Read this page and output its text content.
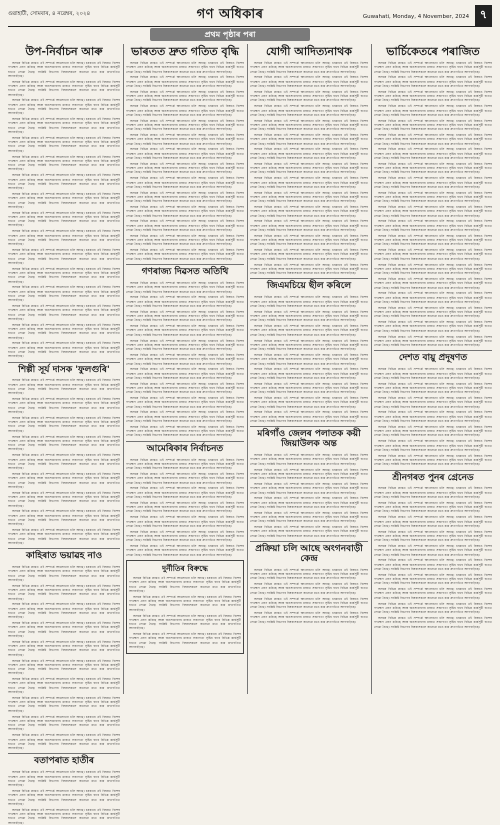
গুৱাহাটী, সোমবাৰ, ৪ নৱেম্বৰ, ২০২৪	গণ অধিকাৰ	Guwahati, Monday, 4 November, 2024 ৭
প্ৰথম পৃষ্ঠাৰ পৰা
উপ-নিৰ্বাচন আৰু

অসমৰ বিভিন্ন প্ৰান্তত এই সম্পৰ্কে আলোচনা চলি আছে। চৰকাৰে এই বিষয়ত বিশেষ পদক্ষেপ গ্ৰহণ কৰিছে আৰু জনসাধাৰণৰ মাজত সজাগতা সৃষ্টিৰ বাবে বিভিন্ন কাৰ্যসূচী হাতত লোৱা হৈছে। সংশ্লিষ্ট বিভাগৰ বিষয়াসকলে জনোৱা মতে কাম দ্ৰুতগতিত আগবাঢ়িছে।

অসমৰ বিভিন্ন প্ৰান্তত এই সম্পৰ্কে আলোচনা চলি আছে। চৰকাৰে এই বিষয়ত বিশেষ পদক্ষেপ গ্ৰহণ কৰিছে আৰু জনসাধাৰণৰ মাজত সজাগতা সৃষ্টিৰ বাবে বিভিন্ন কাৰ্যসূচী হাতত লোৱা হৈছে। সংশ্লিষ্ট বিভাগৰ বিষয়াসকলে জনোৱা মতে কাম দ্ৰুতগতিত আগবাঢ়িছে।

অসমৰ বিভিন্ন প্ৰান্তত এই সম্পৰ্কে আলোচনা চলি আছে। চৰকাৰে এই বিষয়ত বিশেষ পদক্ষেপ গ্ৰহণ কৰিছে আৰু জনসাধাৰণৰ মাজত সজাগতা সৃষ্টিৰ বাবে বিভিন্ন কাৰ্যসূচী হাতত লোৱা হৈছে। সংশ্লিষ্ট বিভাগৰ বিষয়াসকলে জনোৱা মতে কাম দ্ৰুতগতিত আগবাঢ়িছে।

অসমৰ বিভিন্ন প্ৰান্তত এই সম্পৰ্কে আলোচনা চলি আছে। চৰকাৰে এই বিষয়ত বিশেষ পদক্ষেপ গ্ৰহণ কৰিছে আৰু জনসাধাৰণৰ মাজত সজাগতা সৃষ্টিৰ বাবে বিভিন্ন কাৰ্যসূচী হাতত লোৱা হৈছে। সংশ্লিষ্ট বিভাগৰ বিষয়াসকলে জনোৱা মতে কাম দ্ৰুতগতিত আগবাঢ়িছে।

অসমৰ বিভিন্ন প্ৰান্তত এই সম্পৰ্কে আলোচনা চলি আছে। চৰকাৰে এই বিষয়ত বিশেষ পদক্ষেপ গ্ৰহণ কৰিছে আৰু জনসাধাৰণৰ মাজত সজাগতা সৃষ্টিৰ বাবে বিভিন্ন কাৰ্যসূচী হাতত লোৱা হৈছে। সংশ্লিষ্ট বিভাগৰ বিষয়াসকলে জনোৱা মতে কাম দ্ৰুতগতিত আগবাঢ়িছে।

অসমৰ বিভিন্ন প্ৰান্তত এই সম্পৰ্কে আলোচনা চলি আছে। চৰকাৰে এই বিষয়ত বিশেষ পদক্ষেপ গ্ৰহণ কৰিছে আৰু জনসাধাৰণৰ মাজত সজাগতা সৃষ্টিৰ বাবে বিভিন্ন কাৰ্যসূচী হাতত লোৱা হৈছে। সংশ্লিষ্ট বিভাগৰ বিষয়াসকলে জনোৱা মতে কাম দ্ৰুতগতিত আগবাঢ়িছে।

অসমৰ বিভিন্ন প্ৰান্তত এই সম্পৰ্কে আলোচনা চলি আছে। চৰকাৰে এই বিষয়ত বিশেষ পদক্ষেপ গ্ৰহণ কৰিছে আৰু জনসাধাৰণৰ মাজত সজাগতা সৃষ্টিৰ বাবে বিভিন্ন কাৰ্যসূচী হাতত লোৱা হৈছে। সংশ্লিষ্ট বিভাগৰ বিষয়াসকলে জনোৱা মতে কাম দ্ৰুতগতিত আগবাঢ়িছে।

অসমৰ বিভিন্ন প্ৰান্তত এই সম্পৰ্কে আলোচনা চলি আছে। চৰকাৰে এই বিষয়ত বিশেষ পদক্ষেপ গ্ৰহণ কৰিছে আৰু জনসাধাৰণৰ মাজত সজাগতা সৃষ্টিৰ বাবে বিভিন্ন কাৰ্যসূচী হাতত লোৱা হৈছে। সংশ্লিষ্ট বিভাগৰ বিষয়াসকলে জনোৱা মতে কাম দ্ৰুতগতিত আগবাঢ়িছে।

অসমৰ বিভিন্ন প্ৰান্তত এই সম্পৰ্কে আলোচনা চলি আছে। চৰকাৰে এই বিষয়ত বিশেষ পদক্ষেপ গ্ৰহণ কৰিছে আৰু জনসাধাৰণৰ মাজত সজাগতা সৃষ্টিৰ বাবে বিভিন্ন কাৰ্যসূচী হাতত লোৱা হৈছে। সংশ্লিষ্ট বিভাগৰ বিষয়াসকলে জনোৱা মতে কাম দ্ৰুতগতিত আগবাঢ়িছে।

অসমৰ বিভিন্ন প্ৰান্তত এই সম্পৰ্কে আলোচনা চলি আছে। চৰকাৰে এই বিষয়ত বিশেষ পদক্ষেপ গ্ৰহণ কৰিছে আৰু জনসাধাৰণৰ মাজত সজাগতা সৃষ্টিৰ বাবে বিভিন্ন কাৰ্যসূচী হাতত লোৱা হৈছে। সংশ্লিষ্ট বিভাগৰ বিষয়াসকলে জনোৱা মতে কাম দ্ৰুতগতিত আগবাঢ়িছে।

অসমৰ বিভিন্ন প্ৰান্তত এই সম্পৰ্কে আলোচনা চলি আছে। চৰকাৰে এই বিষয়ত বিশেষ পদক্ষেপ গ্ৰহণ কৰিছে আৰু জনসাধাৰণৰ মাজত সজাগতা সৃষ্টিৰ বাবে বিভিন্ন কাৰ্যসূচী হাতত লোৱা হৈছে। সংশ্লিষ্ট বিভাগৰ বিষয়াসকলে জনোৱা মতে কাম দ্ৰুতগতিত আগবাঢ়িছে।

অসমৰ বিভিন্ন প্ৰান্তত এই সম্পৰ্কে আলোচনা চলি আছে। চৰকাৰে এই বিষয়ত বিশেষ পদক্ষেপ গ্ৰহণ কৰিছে আৰু জনসাধাৰণৰ মাজত সজাগতা সৃষ্টিৰ বাবে বিভিন্ন কাৰ্যসূচী হাতত লোৱা হৈছে। সংশ্লিষ্ট বিভাগৰ বিষয়াসকলে জনোৱা মতে কাম দ্ৰুতগতিত আগবাঢ়িছে।

অসমৰ বিভিন্ন প্ৰান্তত এই সম্পৰ্কে আলোচনা চলি আছে। চৰকাৰে এই বিষয়ত বিশেষ পদক্ষেপ গ্ৰহণ কৰিছে আৰু জনসাধাৰণৰ মাজত সজাগতা সৃষ্টিৰ বাবে বিভিন্ন কাৰ্যসূচী হাতত লোৱা হৈছে। সংশ্লিষ্ট বিভাগৰ বিষয়াসকলে জনোৱা মতে কাম দ্ৰুতগতিত আগবাঢ়িছে।

অসমৰ বিভিন্ন প্ৰান্তত এই সম্পৰ্কে আলোচনা চলি আছে। চৰকাৰে এই বিষয়ত বিশেষ পদক্ষেপ গ্ৰহণ কৰিছে আৰু জনসাধাৰণৰ মাজত সজাগতা সৃষ্টিৰ বাবে বিভিন্ন কাৰ্যসূচী হাতত লোৱা হৈছে। সংশ্লিষ্ট বিভাগৰ বিষয়াসকলে জনোৱা মতে কাম দ্ৰুতগতিত আগবাঢ়িছে।

অসমৰ বিভিন্ন প্ৰান্তত এই সম্পৰ্কে আলোচনা চলি আছে। চৰকাৰে এই বিষয়ত বিশেষ পদক্ষেপ গ্ৰহণ কৰিছে আৰু জনসাধাৰণৰ মাজত সজাগতা সৃষ্টিৰ বাবে বিভিন্ন কাৰ্যসূচী হাতত লোৱা হৈছে। সংশ্লিষ্ট বিভাগৰ বিষয়াসকলে জনোৱা মতে কাম দ্ৰুতগতিত আগবাঢ়িছে।

অসমৰ বিভিন্ন প্ৰান্তত এই সম্পৰ্কে আলোচনা চলি আছে। চৰকাৰে এই বিষয়ত বিশেষ পদক্ষেপ গ্ৰহণ কৰিছে আৰু জনসাধাৰণৰ মাজত সজাগতা সৃষ্টিৰ বাবে বিভিন্ন কাৰ্যসূচী হাতত লোৱা হৈছে। সংশ্লিষ্ট বিভাগৰ বিষয়াসকলে জনোৱা মতে কাম দ্ৰুতগতিত আগবাঢ়িছে।

শিল্পী সূৰ্য দাসক 'ফুলগুৰি'

অসমৰ বিভিন্ন প্ৰান্তত এই সম্পৰ্কে আলোচনা চলি আছে। চৰকাৰে এই বিষয়ত বিশেষ পদক্ষেপ গ্ৰহণ কৰিছে আৰু জনসাধাৰণৰ মাজত সজাগতা সৃষ্টিৰ বাবে বিভিন্ন কাৰ্যসূচী হাতত লোৱা হৈছে। সংশ্লিষ্ট বিভাগৰ বিষয়াসকলে জনোৱা মতে কাম দ্ৰুতগতিত আগবাঢ়িছে।

অসমৰ বিভিন্ন প্ৰান্তত এই সম্পৰ্কে আলোচনা চলি আছে। চৰকাৰে এই বিষয়ত বিশেষ পদক্ষেপ গ্ৰহণ কৰিছে আৰু জনসাধাৰণৰ মাজত সজাগতা সৃষ্টিৰ বাবে বিভিন্ন কাৰ্যসূচী হাতত লোৱা হৈছে। সংশ্লিষ্ট বিভাগৰ বিষয়াসকলে জনোৱা মতে কাম দ্ৰুতগতিত আগবাঢ়িছে।

অসমৰ বিভিন্ন প্ৰান্তত এই সম্পৰ্কে আলোচনা চলি আছে। চৰকাৰে এই বিষয়ত বিশেষ পদক্ষেপ গ্ৰহণ কৰিছে আৰু জনসাধাৰণৰ মাজত সজাগতা সৃষ্টিৰ বাবে বিভিন্ন কাৰ্যসূচী হাতত লোৱা হৈছে। সংশ্লিষ্ট বিভাগৰ বিষয়াসকলে জনোৱা মতে কাম দ্ৰুতগতিত আগবাঢ়িছে।

অসমৰ বিভিন্ন প্ৰান্তত এই সম্পৰ্কে আলোচনা চলি আছে। চৰকাৰে এই বিষয়ত বিশেষ পদক্ষেপ গ্ৰহণ কৰিছে আৰু জনসাধাৰণৰ মাজত সজাগতা সৃষ্টিৰ বাবে বিভিন্ন কাৰ্যসূচী হাতত লোৱা হৈছে। সংশ্লিষ্ট বিভাগৰ বিষয়াসকলে জনোৱা মতে কাম দ্ৰুতগতিত আগবাঢ়িছে।

অসমৰ বিভিন্ন প্ৰান্তত এই সম্পৰ্কে আলোচনা চলি আছে। চৰকাৰে এই বিষয়ত বিশেষ পদক্ষেপ গ্ৰহণ কৰিছে আৰু জনসাধাৰণৰ মাজত সজাগতা সৃষ্টিৰ বাবে বিভিন্ন কাৰ্যসূচী হাতত লোৱা হৈছে। সংশ্লিষ্ট বিভাগৰ বিষয়াসকলে জনোৱা মতে কাম দ্ৰুতগতিত আগবাঢ়িছে।

অসমৰ বিভিন্ন প্ৰান্তত এই সম্পৰ্কে আলোচনা চলি আছে। চৰকাৰে এই বিষয়ত বিশেষ পদক্ষেপ গ্ৰহণ কৰিছে আৰু জনসাধাৰণৰ মাজত সজাগতা সৃষ্টিৰ বাবে বিভিন্ন কাৰ্যসূচী হাতত লোৱা হৈছে। সংশ্লিষ্ট বিভাগৰ বিষয়াসকলে জনোৱা মতে কাম দ্ৰুতগতিত আগবাঢ়িছে।

অসমৰ বিভিন্ন প্ৰান্তত এই সম্পৰ্কে আলোচনা চলি আছে। চৰকাৰে এই বিষয়ত বিশেষ পদক্ষেপ গ্ৰহণ কৰিছে আৰু জনসাধাৰণৰ মাজত সজাগতা সৃষ্টিৰ বাবে বিভিন্ন কাৰ্যসূচী হাতত লোৱা হৈছে। সংশ্লিষ্ট বিভাগৰ বিষয়াসকলে জনোৱা মতে কাম দ্ৰুতগতিত আগবাঢ়িছে।

অসমৰ বিভিন্ন প্ৰান্তত এই সম্পৰ্কে আলোচনা চলি আছে। চৰকাৰে এই বিষয়ত বিশেষ পদক্ষেপ গ্ৰহণ কৰিছে আৰু জনসাধাৰণৰ মাজত সজাগতা সৃষ্টিৰ বাবে বিভিন্ন কাৰ্যসূচী হাতত লোৱা হৈছে। সংশ্লিষ্ট বিভাগৰ বিষয়াসকলে জনোৱা মতে কাম দ্ৰুতগতিত আগবাঢ়িছে।

অসমৰ বিভিন্ন প্ৰান্তত এই সম্পৰ্কে আলোচনা চলি আছে। চৰকাৰে এই বিষয়ত বিশেষ পদক্ষেপ গ্ৰহণ কৰিছে আৰু জনসাধাৰণৰ মাজত সজাগতা সৃষ্টিৰ বাবে বিভিন্ন কাৰ্যসূচী হাতত লোৱা হৈছে। সংশ্লিষ্ট বিভাগৰ বিষয়াসকলে জনোৱা মতে কাম দ্ৰুতগতিত আগবাঢ়িছে।

কাহিৰাত ভয়াৱহ নাও

অসমৰ বিভিন্ন প্ৰান্তত এই সম্পৰ্কে আলোচনা চলি আছে। চৰকাৰে এই বিষয়ত বিশেষ পদক্ষেপ গ্ৰহণ কৰিছে আৰু জনসাধাৰণৰ মাজত সজাগতা সৃষ্টিৰ বাবে বিভিন্ন কাৰ্যসূচী হাতত লোৱা হৈছে। সংশ্লিষ্ট বিভাগৰ বিষয়াসকলে জনোৱা মতে কাম দ্ৰুতগতিত আগবাঢ়িছে।

অসমৰ বিভিন্ন প্ৰান্তত এই সম্পৰ্কে আলোচনা চলি আছে। চৰকাৰে এই বিষয়ত বিশেষ পদক্ষেপ গ্ৰহণ কৰিছে আৰু জনসাধাৰণৰ মাজত সজাগতা সৃষ্টিৰ বাবে বিভিন্ন কাৰ্যসূচী হাতত লোৱা হৈছে। সংশ্লিষ্ট বিভাগৰ বিষয়াসকলে জনোৱা মতে কাম দ্ৰুতগতিত আগবাঢ়িছে।

অসমৰ বিভিন্ন প্ৰান্তত এই সম্পৰ্কে আলোচনা চলি আছে। চৰকাৰে এই বিষয়ত বিশেষ পদক্ষেপ গ্ৰহণ কৰিছে আৰু জনসাধাৰণৰ মাজত সজাগতা সৃষ্টিৰ বাবে বিভিন্ন কাৰ্যসূচী হাতত লোৱা হৈছে। সংশ্লিষ্ট বিভাগৰ বিষয়াসকলে জনোৱা মতে কাম দ্ৰুতগতিত আগবাঢ়িছে।

অসমৰ বিভিন্ন প্ৰান্তত এই সম্পৰ্কে আলোচনা চলি আছে। চৰকাৰে এই বিষয়ত বিশেষ পদক্ষেপ গ্ৰহণ কৰিছে আৰু জনসাধাৰণৰ মাজত সজাগতা সৃষ্টিৰ বাবে বিভিন্ন কাৰ্যসূচী হাতত লোৱা হৈছে। সংশ্লিষ্ট বিভাগৰ বিষয়াসকলে জনোৱা মতে কাম দ্ৰুতগতিত আগবাঢ়িছে।

অসমৰ বিভিন্ন প্ৰান্তত এই সম্পৰ্কে আলোচনা চলি আছে। চৰকাৰে এই বিষয়ত বিশেষ পদক্ষেপ গ্ৰহণ কৰিছে আৰু জনসাধাৰণৰ মাজত সজাগতা সৃষ্টিৰ বাবে বিভিন্ন কাৰ্যসূচী হাতত লোৱা হৈছে। সংশ্লিষ্ট বিভাগৰ বিষয়াসকলে জনোৱা মতে কাম দ্ৰুতগতিত আগবাঢ়িছে।

অসমৰ বিভিন্ন প্ৰান্তত এই সম্পৰ্কে আলোচনা চলি আছে। চৰকাৰে এই বিষয়ত বিশেষ পদক্ষেপ গ্ৰহণ কৰিছে আৰু জনসাধাৰণৰ মাজত সজাগতা সৃষ্টিৰ বাবে বিভিন্ন কাৰ্যসূচী হাতত লোৱা হৈছে। সংশ্লিষ্ট বিভাগৰ বিষয়াসকলে জনোৱা মতে কাম দ্ৰুতগতিত আগবাঢ়িছে।

অসমৰ বিভিন্ন প্ৰান্তত এই সম্পৰ্কে আলোচনা চলি আছে। চৰকাৰে এই বিষয়ত বিশেষ পদক্ষেপ গ্ৰহণ কৰিছে আৰু জনসাধাৰণৰ মাজত সজাগতা সৃষ্টিৰ বাবে বিভিন্ন কাৰ্যসূচী হাতত লোৱা হৈছে। সংশ্লিষ্ট বিভাগৰ বিষয়াসকলে জনোৱা মতে কাম দ্ৰুতগতিত আগবাঢ়িছে।

অসমৰ বিভিন্ন প্ৰান্তত এই সম্পৰ্কে আলোচনা চলি আছে। চৰকাৰে এই বিষয়ত বিশেষ পদক্ষেপ গ্ৰহণ কৰিছে আৰু জনসাধাৰণৰ মাজত সজাগতা সৃষ্টিৰ বাবে বিভিন্ন কাৰ্যসূচী হাতত লোৱা হৈছে। সংশ্লিষ্ট বিভাগৰ বিষয়াসকলে জনোৱা মতে কাম দ্ৰুতগতিত আগবাঢ়িছে।

অসমৰ বিভিন্ন প্ৰান্তত এই সম্পৰ্কে আলোচনা চলি আছে। চৰকাৰে এই বিষয়ত বিশেষ পদক্ষেপ গ্ৰহণ কৰিছে আৰু জনসাধাৰণৰ মাজত সজাগতা সৃষ্টিৰ বাবে বিভিন্ন কাৰ্যসূচী হাতত লোৱা হৈছে। সংশ্লিষ্ট বিভাগৰ বিষয়াসকলে জনোৱা মতে কাম দ্ৰুতগতিত আগবাঢ়িছে।

অসমৰ বিভিন্ন প্ৰান্তত এই সম্পৰ্কে আলোচনা চলি আছে। চৰকাৰে এই বিষয়ত বিশেষ পদক্ষেপ গ্ৰহণ কৰিছে আৰু জনসাধাৰণৰ মাজত সজাগতা সৃষ্টিৰ বাবে বিভিন্ন কাৰ্যসূচী হাতত লোৱা হৈছে। সংশ্লিষ্ট বিভাগৰ বিষয়াসকলে জনোৱা মতে কাম দ্ৰুতগতিত আগবাঢ়িছে।

বতাপৰাত হাতীৰ

অসমৰ বিভিন্ন প্ৰান্তত এই সম্পৰ্কে আলোচনা চলি আছে। চৰকাৰে এই বিষয়ত বিশেষ পদক্ষেপ গ্ৰহণ কৰিছে আৰু জনসাধাৰণৰ মাজত সজাগতা সৃষ্টিৰ বাবে বিভিন্ন কাৰ্যসূচী হাতত লোৱা হৈছে। সংশ্লিষ্ট বিভাগৰ বিষয়াসকলে জনোৱা মতে কাম দ্ৰুতগতিত আগবাঢ়িছে।

অসমৰ বিভিন্ন প্ৰান্তত এই সম্পৰ্কে আলোচনা চলি আছে। চৰকাৰে এই বিষয়ত বিশেষ পদক্ষেপ গ্ৰহণ কৰিছে আৰু জনসাধাৰণৰ মাজত সজাগতা সৃষ্টিৰ বাবে বিভিন্ন কাৰ্যসূচী হাতত লোৱা হৈছে। সংশ্লিষ্ট বিভাগৰ বিষয়াসকলে জনোৱা মতে কাম দ্ৰুতগতিত আগবাঢ়িছে।

অসমৰ বিভিন্ন প্ৰান্তত এই সম্পৰ্কে আলোচনা চলি আছে। চৰকাৰে এই বিষয়ত বিশেষ পদক্ষেপ গ্ৰহণ কৰিছে আৰু জনসাধাৰণৰ মাজত সজাগতা সৃষ্টিৰ বাবে বিভিন্ন কাৰ্যসূচী হাতত লোৱা হৈছে। সংশ্লিষ্ট বিভাগৰ বিষয়াসকলে জনোৱা মতে কাম দ্ৰুতগতিত আগবাঢ়িছে।

ভাৰতত দ্ৰুত গতিত বৃদ্ধি

অসমৰ বিভিন্ন প্ৰান্তত এই সম্পৰ্কে আলোচনা চলি আছে। চৰকাৰে এই বিষয়ত বিশেষ পদক্ষেপ গ্ৰহণ কৰিছে আৰু জনসাধাৰণৰ মাজত সজাগতা সৃষ্টিৰ বাবে বিভিন্ন কাৰ্যসূচী হাতত লোৱা হৈছে। সংশ্লিষ্ট বিভাগৰ বিষয়াসকলে জনোৱা মতে কাম দ্ৰুতগতিত আগবাঢ়িছে।

অসমৰ বিভিন্ন প্ৰান্তত এই সম্পৰ্কে আলোচনা চলি আছে। চৰকাৰে এই বিষয়ত বিশেষ পদক্ষেপ গ্ৰহণ কৰিছে আৰু জনসাধাৰণৰ মাজত সজাগতা সৃষ্টিৰ বাবে বিভিন্ন কাৰ্যসূচী হাতত লোৱা হৈছে। সংশ্লিষ্ট বিভাগৰ বিষয়াসকলে জনোৱা মতে কাম দ্ৰুতগতিত আগবাঢ়িছে।

অসমৰ বিভিন্ন প্ৰান্তত এই সম্পৰ্কে আলোচনা চলি আছে। চৰকাৰে এই বিষয়ত বিশেষ পদক্ষেপ গ্ৰহণ কৰিছে আৰু জনসাধাৰণৰ মাজত সজাগতা সৃষ্টিৰ বাবে বিভিন্ন কাৰ্যসূচী হাতত লোৱা হৈছে। সংশ্লিষ্ট বিভাগৰ বিষয়াসকলে জনোৱা মতে কাম দ্ৰুতগতিত আগবাঢ়িছে।

অসমৰ বিভিন্ন প্ৰান্তত এই সম্পৰ্কে আলোচনা চলি আছে। চৰকাৰে এই বিষয়ত বিশেষ পদক্ষেপ গ্ৰহণ কৰিছে আৰু জনসাধাৰণৰ মাজত সজাগতা সৃষ্টিৰ বাবে বিভিন্ন কাৰ্যসূচী হাতত লোৱা হৈছে। সংশ্লিষ্ট বিভাগৰ বিষয়াসকলে জনোৱা মতে কাম দ্ৰুতগতিত আগবাঢ়িছে।

অসমৰ বিভিন্ন প্ৰান্তত এই সম্পৰ্কে আলোচনা চলি আছে। চৰকাৰে এই বিষয়ত বিশেষ পদক্ষেপ গ্ৰহণ কৰিছে আৰু জনসাধাৰণৰ মাজত সজাগতা সৃষ্টিৰ বাবে বিভিন্ন কাৰ্যসূচী হাতত লোৱা হৈছে। সংশ্লিষ্ট বিভাগৰ বিষয়াসকলে জনোৱা মতে কাম দ্ৰুতগতিত আগবাঢ়িছে।

অসমৰ বিভিন্ন প্ৰান্তত এই সম্পৰ্কে আলোচনা চলি আছে। চৰকাৰে এই বিষয়ত বিশেষ পদক্ষেপ গ্ৰহণ কৰিছে আৰু জনসাধাৰণৰ মাজত সজাগতা সৃষ্টিৰ বাবে বিভিন্ন কাৰ্যসূচী হাতত লোৱা হৈছে। সংশ্লিষ্ট বিভাগৰ বিষয়াসকলে জনোৱা মতে কাম দ্ৰুতগতিত আগবাঢ়িছে।

অসমৰ বিভিন্ন প্ৰান্তত এই সম্পৰ্কে আলোচনা চলি আছে। চৰকাৰে এই বিষয়ত বিশেষ পদক্ষেপ গ্ৰহণ কৰিছে আৰু জনসাধাৰণৰ মাজত সজাগতা সৃষ্টিৰ বাবে বিভিন্ন কাৰ্যসূচী হাতত লোৱা হৈছে। সংশ্লিষ্ট বিভাগৰ বিষয়াসকলে জনোৱা মতে কাম দ্ৰুতগতিত আগবাঢ়িছে।

অসমৰ বিভিন্ন প্ৰান্তত এই সম্পৰ্কে আলোচনা চলি আছে। চৰকাৰে এই বিষয়ত বিশেষ পদক্ষেপ গ্ৰহণ কৰিছে আৰু জনসাধাৰণৰ মাজত সজাগতা সৃষ্টিৰ বাবে বিভিন্ন কাৰ্যসূচী হাতত লোৱা হৈছে। সংশ্লিষ্ট বিভাগৰ বিষয়াসকলে জনোৱা মতে কাম দ্ৰুতগতিত আগবাঢ়িছে।

অসমৰ বিভিন্ন প্ৰান্তত এই সম্পৰ্কে আলোচনা চলি আছে। চৰকাৰে এই বিষয়ত বিশেষ পদক্ষেপ গ্ৰহণ কৰিছে আৰু জনসাধাৰণৰ মাজত সজাগতা সৃষ্টিৰ বাবে বিভিন্ন কাৰ্যসূচী হাতত লোৱা হৈছে। সংশ্লিষ্ট বিভাগৰ বিষয়াসকলে জনোৱা মতে কাম দ্ৰুতগতিত আগবাঢ়িছে।

অসমৰ বিভিন্ন প্ৰান্তত এই সম্পৰ্কে আলোচনা চলি আছে। চৰকাৰে এই বিষয়ত বিশেষ পদক্ষেপ গ্ৰহণ কৰিছে আৰু জনসাধাৰণৰ মাজত সজাগতা সৃষ্টিৰ বাবে বিভিন্ন কাৰ্যসূচী হাতত লোৱা হৈছে। সংশ্লিষ্ট বিভাগৰ বিষয়াসকলে জনোৱা মতে কাম দ্ৰুতগতিত আগবাঢ়িছে।

অসমৰ বিভিন্ন প্ৰান্তত এই সম্পৰ্কে আলোচনা চলি আছে। চৰকাৰে এই বিষয়ত বিশেষ পদক্ষেপ গ্ৰহণ কৰিছে আৰু জনসাধাৰণৰ মাজত সজাগতা সৃষ্টিৰ বাবে বিভিন্ন কাৰ্যসূচী হাতত লোৱা হৈছে। সংশ্লিষ্ট বিভাগৰ বিষয়াসকলে জনোৱা মতে কাম দ্ৰুতগতিত আগবাঢ়িছে।

অসমৰ বিভিন্ন প্ৰান্তত এই সম্পৰ্কে আলোচনা চলি আছে। চৰকাৰে এই বিষয়ত বিশেষ পদক্ষেপ গ্ৰহণ কৰিছে আৰু জনসাধাৰণৰ মাজত সজাগতা সৃষ্টিৰ বাবে বিভিন্ন কাৰ্যসূচী হাতত লোৱা হৈছে। সংশ্লিষ্ট বিভাগৰ বিষয়াসকলে জনোৱা মতে কাম দ্ৰুতগতিত আগবাঢ়িছে।

অসমৰ বিভিন্ন প্ৰান্তত এই সম্পৰ্কে আলোচনা চলি আছে। চৰকাৰে এই বিষয়ত বিশেষ পদক্ষেপ গ্ৰহণ কৰিছে আৰু জনসাধাৰণৰ মাজত সজাগতা সৃষ্টিৰ বাবে বিভিন্ন কাৰ্যসূচী হাতত লোৱা হৈছে। সংশ্লিষ্ট বিভাগৰ বিষয়াসকলে জনোৱা মতে কাম দ্ৰুতগতিত আগবাঢ়িছে।

অসমৰ বিভিন্ন প্ৰান্তত এই সম্পৰ্কে আলোচনা চলি আছে। চৰকাৰে এই বিষয়ত বিশেষ পদক্ষেপ গ্ৰহণ কৰিছে আৰু জনসাধাৰণৰ মাজত সজাগতা সৃষ্টিৰ বাবে বিভিন্ন কাৰ্যসূচী হাতত লোৱা হৈছে। সংশ্লিষ্ট বিভাগৰ বিষয়াসকলে জনোৱা মতে কাম দ্ৰুতগতিত আগবাঢ়িছে।

গণৰাজ্য দিৱসত অতিথি

অসমৰ বিভিন্ন প্ৰান্তত এই সম্পৰ্কে আলোচনা চলি আছে। চৰকাৰে এই বিষয়ত বিশেষ পদক্ষেপ গ্ৰহণ কৰিছে আৰু জনসাধাৰণৰ মাজত সজাগতা সৃষ্টিৰ বাবে বিভিন্ন কাৰ্যসূচী হাতত লোৱা হৈছে। সংশ্লিষ্ট বিভাগৰ বিষয়াসকলে জনোৱা মতে কাম দ্ৰুতগতিত আগবাঢ়িছে।

অসমৰ বিভিন্ন প্ৰান্তত এই সম্পৰ্কে আলোচনা চলি আছে। চৰকাৰে এই বিষয়ত বিশেষ পদক্ষেপ গ্ৰহণ কৰিছে আৰু জনসাধাৰণৰ মাজত সজাগতা সৃষ্টিৰ বাবে বিভিন্ন কাৰ্যসূচী হাতত লোৱা হৈছে। সংশ্লিষ্ট বিভাগৰ বিষয়াসকলে জনোৱা মতে কাম দ্ৰুতগতিত আগবাঢ়িছে।

অসমৰ বিভিন্ন প্ৰান্তত এই সম্পৰ্কে আলোচনা চলি আছে। চৰকাৰে এই বিষয়ত বিশেষ পদক্ষেপ গ্ৰহণ কৰিছে আৰু জনসাধাৰণৰ মাজত সজাগতা সৃষ্টিৰ বাবে বিভিন্ন কাৰ্যসূচী হাতত লোৱা হৈছে। সংশ্লিষ্ট বিভাগৰ বিষয়াসকলে জনোৱা মতে কাম দ্ৰুতগতিত আগবাঢ়িছে।

অসমৰ বিভিন্ন প্ৰান্তত এই সম্পৰ্কে আলোচনা চলি আছে। চৰকাৰে এই বিষয়ত বিশেষ পদক্ষেপ গ্ৰহণ কৰিছে আৰু জনসাধাৰণৰ মাজত সজাগতা সৃষ্টিৰ বাবে বিভিন্ন কাৰ্যসূচী হাতত লোৱা হৈছে। সংশ্লিষ্ট বিভাগৰ বিষয়াসকলে জনোৱা মতে কাম দ্ৰুতগতিত আগবাঢ়িছে।

অসমৰ বিভিন্ন প্ৰান্তত এই সম্পৰ্কে আলোচনা চলি আছে। চৰকাৰে এই বিষয়ত বিশেষ পদক্ষেপ গ্ৰহণ কৰিছে আৰু জনসাধাৰণৰ মাজত সজাগতা সৃষ্টিৰ বাবে বিভিন্ন কাৰ্যসূচী হাতত লোৱা হৈছে। সংশ্লিষ্ট বিভাগৰ বিষয়াসকলে জনোৱা মতে কাম দ্ৰুতগতিত আগবাঢ়িছে।

অসমৰ বিভিন্ন প্ৰান্তত এই সম্পৰ্কে আলোচনা চলি আছে। চৰকাৰে এই বিষয়ত বিশেষ পদক্ষেপ গ্ৰহণ কৰিছে আৰু জনসাধাৰণৰ মাজত সজাগতা সৃষ্টিৰ বাবে বিভিন্ন কাৰ্যসূচী হাতত লোৱা হৈছে। সংশ্লিষ্ট বিভাগৰ বিষয়াসকলে জনোৱা মতে কাম দ্ৰুতগতিত আগবাঢ়িছে।

অসমৰ বিভিন্ন প্ৰান্তত এই সম্পৰ্কে আলোচনা চলি আছে। চৰকাৰে এই বিষয়ত বিশেষ পদক্ষেপ গ্ৰহণ কৰিছে আৰু জনসাধাৰণৰ মাজত সজাগতা সৃষ্টিৰ বাবে বিভিন্ন কাৰ্যসূচী হাতত লোৱা হৈছে। সংশ্লিষ্ট বিভাগৰ বিষয়াসকলে জনোৱা মতে কাম দ্ৰুতগতিত আগবাঢ়িছে।

অসমৰ বিভিন্ন প্ৰান্তত এই সম্পৰ্কে আলোচনা চলি আছে। চৰকাৰে এই বিষয়ত বিশেষ পদক্ষেপ গ্ৰহণ কৰিছে আৰু জনসাধাৰণৰ মাজত সজাগতা সৃষ্টিৰ বাবে বিভিন্ন কাৰ্যসূচী হাতত লোৱা হৈছে। সংশ্লিষ্ট বিভাগৰ বিষয়াসকলে জনোৱা মতে কাম দ্ৰুতগতিত আগবাঢ়িছে।

অসমৰ বিভিন্ন প্ৰান্তত এই সম্পৰ্কে আলোচনা চলি আছে। চৰকাৰে এই বিষয়ত বিশেষ পদক্ষেপ গ্ৰহণ কৰিছে আৰু জনসাধাৰণৰ মাজত সজাগতা সৃষ্টিৰ বাবে বিভিন্ন কাৰ্যসূচী হাতত লোৱা হৈছে। সংশ্লিষ্ট বিভাগৰ বিষয়াসকলে জনোৱা মতে কাম দ্ৰুতগতিত আগবাঢ়িছে।

অসমৰ বিভিন্ন প্ৰান্তত এই সম্পৰ্কে আলোচনা চলি আছে। চৰকাৰে এই বিষয়ত বিশেষ পদক্ষেপ গ্ৰহণ কৰিছে আৰু জনসাধাৰণৰ মাজত সজাগতা সৃষ্টিৰ বাবে বিভিন্ন কাৰ্যসূচী হাতত লোৱা হৈছে। সংশ্লিষ্ট বিভাগৰ বিষয়াসকলে জনোৱা মতে কাম দ্ৰুতগতিত আগবাঢ়িছে।

অসমৰ বিভিন্ন প্ৰান্তত এই সম্পৰ্কে আলোচনা চলি আছে। চৰকাৰে এই বিষয়ত বিশেষ পদক্ষেপ গ্ৰহণ কৰিছে আৰু জনসাধাৰণৰ মাজত সজাগতা সৃষ্টিৰ বাবে বিভিন্ন কাৰ্যসূচী হাতত লোৱা হৈছে। সংশ্লিষ্ট বিভাগৰ বিষয়াসকলে জনোৱা মতে কাম দ্ৰুতগতিত আগবাঢ়িছে।

আমেৰিকাৰ নিৰ্বাচনত

অসমৰ বিভিন্ন প্ৰান্তত এই সম্পৰ্কে আলোচনা চলি আছে। চৰকাৰে এই বিষয়ত বিশেষ পদক্ষেপ গ্ৰহণ কৰিছে আৰু জনসাধাৰণৰ মাজত সজাগতা সৃষ্টিৰ বাবে বিভিন্ন কাৰ্যসূচী হাতত লোৱা হৈছে। সংশ্লিষ্ট বিভাগৰ বিষয়াসকলে জনোৱা মতে কাম দ্ৰুতগতিত আগবাঢ়িছে।

অসমৰ বিভিন্ন প্ৰান্তত এই সম্পৰ্কে আলোচনা চলি আছে। চৰকাৰে এই বিষয়ত বিশেষ পদক্ষেপ গ্ৰহণ কৰিছে আৰু জনসাধাৰণৰ মাজত সজাগতা সৃষ্টিৰ বাবে বিভিন্ন কাৰ্যসূচী হাতত লোৱা হৈছে। সংশ্লিষ্ট বিভাগৰ বিষয়াসকলে জনোৱা মতে কাম দ্ৰুতগতিত আগবাঢ়িছে।

অসমৰ বিভিন্ন প্ৰান্তত এই সম্পৰ্কে আলোচনা চলি আছে। চৰকাৰে এই বিষয়ত বিশেষ পদক্ষেপ গ্ৰহণ কৰিছে আৰু জনসাধাৰণৰ মাজত সজাগতা সৃষ্টিৰ বাবে বিভিন্ন কাৰ্যসূচী হাতত লোৱা হৈছে। সংশ্লিষ্ট বিভাগৰ বিষয়াসকলে জনোৱা মতে কাম দ্ৰুতগতিত আগবাঢ়িছে।

অসমৰ বিভিন্ন প্ৰান্তত এই সম্পৰ্কে আলোচনা চলি আছে। চৰকাৰে এই বিষয়ত বিশেষ পদক্ষেপ গ্ৰহণ কৰিছে আৰু জনসাধাৰণৰ মাজত সজাগতা সৃষ্টিৰ বাবে বিভিন্ন কাৰ্যসূচী হাতত লোৱা হৈছে। সংশ্লিষ্ট বিভাগৰ বিষয়াসকলে জনোৱা মতে কাম দ্ৰুতগতিত আগবাঢ়িছে।

অসমৰ বিভিন্ন প্ৰান্তত এই সম্পৰ্কে আলোচনা চলি আছে। চৰকাৰে এই বিষয়ত বিশেষ পদক্ষেপ গ্ৰহণ কৰিছে আৰু জনসাধাৰণৰ মাজত সজাগতা সৃষ্টিৰ বাবে বিভিন্ন কাৰ্যসূচী হাতত লোৱা হৈছে। সংশ্লিষ্ট বিভাগৰ বিষয়াসকলে জনোৱা মতে কাম দ্ৰুতগতিত আগবাঢ়িছে।

অসমৰ বিভিন্ন প্ৰান্তত এই সম্পৰ্কে আলোচনা চলি আছে। চৰকাৰে এই বিষয়ত বিশেষ পদক্ষেপ গ্ৰহণ কৰিছে আৰু জনসাধাৰণৰ মাজত সজাগতা সৃষ্টিৰ বাবে বিভিন্ন কাৰ্যসূচী হাতত লোৱা হৈছে। সংশ্লিষ্ট বিভাগৰ বিষয়াসকলে জনোৱা মতে কাম দ্ৰুতগতিত আগবাঢ়িছে।

অসমৰ বিভিন্ন প্ৰান্তত এই সম্পৰ্কে আলোচনা চলি আছে। চৰকাৰে এই বিষয়ত বিশেষ পদক্ষেপ গ্ৰহণ কৰিছে আৰু জনসাধাৰণৰ মাজত সজাগতা সৃষ্টিৰ বাবে বিভিন্ন কাৰ্যসূচী হাতত লোৱা হৈছে। সংশ্লিষ্ট বিভাগৰ বিষয়াসকলে জনোৱা মতে কাম দ্ৰুতগতিত আগবাঢ়িছে।

দুৰ্নীতিৰ বিৰুদ্ধে

অসমৰ বিভিন্ন প্ৰান্তত এই সম্পৰ্কে আলোচনা চলি আছে। চৰকাৰে এই বিষয়ত বিশেষ পদক্ষেপ গ্ৰহণ কৰিছে আৰু জনসাধাৰণৰ মাজত সজাগতা সৃষ্টিৰ বাবে বিভিন্ন কাৰ্যসূচী হাতত লোৱা হৈছে। সংশ্লিষ্ট বিভাগৰ বিষয়াসকলে জনোৱা মতে কাম দ্ৰুতগতিত আগবাঢ়িছে।

অসমৰ বিভিন্ন প্ৰান্তত এই সম্পৰ্কে আলোচনা চলি আছে। চৰকাৰে এই বিষয়ত বিশেষ পদক্ষেপ গ্ৰহণ কৰিছে আৰু জনসাধাৰণৰ মাজত সজাগতা সৃষ্টিৰ বাবে বিভিন্ন কাৰ্যসূচী হাতত লোৱা হৈছে। সংশ্লিষ্ট বিভাগৰ বিষয়াসকলে জনোৱা মতে কাম দ্ৰুতগতিত আগবাঢ়িছে।

অসমৰ বিভিন্ন প্ৰান্তত এই সম্পৰ্কে আলোচনা চলি আছে। চৰকাৰে এই বিষয়ত বিশেষ পদক্ষেপ গ্ৰহণ কৰিছে আৰু জনসাধাৰণৰ মাজত সজাগতা সৃষ্টিৰ বাবে বিভিন্ন কাৰ্যসূচী হাতত লোৱা হৈছে। সংশ্লিষ্ট বিভাগৰ বিষয়াসকলে জনোৱা মতে কাম দ্ৰুতগতিত আগবাঢ়িছে।

অসমৰ বিভিন্ন প্ৰান্তত এই সম্পৰ্কে আলোচনা চলি আছে। চৰকাৰে এই বিষয়ত বিশেষ পদক্ষেপ গ্ৰহণ কৰিছে আৰু জনসাধাৰণৰ মাজত সজাগতা সৃষ্টিৰ বাবে বিভিন্ন কাৰ্যসূচী হাতত লোৱা হৈছে। সংশ্লিষ্ট বিভাগৰ বিষয়াসকলে জনোৱা মতে কাম দ্ৰুতগতিত আগবাঢ়িছে।

যোগী আদিত্যনাথক

অসমৰ বিভিন্ন প্ৰান্তত এই সম্পৰ্কে আলোচনা চলি আছে। চৰকাৰে এই বিষয়ত বিশেষ পদক্ষেপ গ্ৰহণ কৰিছে আৰু জনসাধাৰণৰ মাজত সজাগতা সৃষ্টিৰ বাবে বিভিন্ন কাৰ্যসূচী হাতত লোৱা হৈছে। সংশ্লিষ্ট বিভাগৰ বিষয়াসকলে জনোৱা মতে কাম দ্ৰুতগতিত আগবাঢ়িছে।

অসমৰ বিভিন্ন প্ৰান্তত এই সম্পৰ্কে আলোচনা চলি আছে। চৰকাৰে এই বিষয়ত বিশেষ পদক্ষেপ গ্ৰহণ কৰিছে আৰু জনসাধাৰণৰ মাজত সজাগতা সৃষ্টিৰ বাবে বিভিন্ন কাৰ্যসূচী হাতত লোৱা হৈছে। সংশ্লিষ্ট বিভাগৰ বিষয়াসকলে জনোৱা মতে কাম দ্ৰুতগতিত আগবাঢ়িছে।

অসমৰ বিভিন্ন প্ৰান্তত এই সম্পৰ্কে আলোচনা চলি আছে। চৰকাৰে এই বিষয়ত বিশেষ পদক্ষেপ গ্ৰহণ কৰিছে আৰু জনসাধাৰণৰ মাজত সজাগতা সৃষ্টিৰ বাবে বিভিন্ন কাৰ্যসূচী হাতত লোৱা হৈছে। সংশ্লিষ্ট বিভাগৰ বিষয়াসকলে জনোৱা মতে কাম দ্ৰুতগতিত আগবাঢ়িছে।

অসমৰ বিভিন্ন প্ৰান্তত এই সম্পৰ্কে আলোচনা চলি আছে। চৰকাৰে এই বিষয়ত বিশেষ পদক্ষেপ গ্ৰহণ কৰিছে আৰু জনসাধাৰণৰ মাজত সজাগতা সৃষ্টিৰ বাবে বিভিন্ন কাৰ্যসূচী হাতত লোৱা হৈছে। সংশ্লিষ্ট বিভাগৰ বিষয়াসকলে জনোৱা মতে কাম দ্ৰুতগতিত আগবাঢ়িছে।

অসমৰ বিভিন্ন প্ৰান্তত এই সম্পৰ্কে আলোচনা চলি আছে। চৰকাৰে এই বিষয়ত বিশেষ পদক্ষেপ গ্ৰহণ কৰিছে আৰু জনসাধাৰণৰ মাজত সজাগতা সৃষ্টিৰ বাবে বিভিন্ন কাৰ্যসূচী হাতত লোৱা হৈছে। সংশ্লিষ্ট বিভাগৰ বিষয়াসকলে জনোৱা মতে কাম দ্ৰুতগতিত আগবাঢ়িছে।

অসমৰ বিভিন্ন প্ৰান্তত এই সম্পৰ্কে আলোচনা চলি আছে। চৰকাৰে এই বিষয়ত বিশেষ পদক্ষেপ গ্ৰহণ কৰিছে আৰু জনসাধাৰণৰ মাজত সজাগতা সৃষ্টিৰ বাবে বিভিন্ন কাৰ্যসূচী হাতত লোৱা হৈছে। সংশ্লিষ্ট বিভাগৰ বিষয়াসকলে জনোৱা মতে কাম দ্ৰুতগতিত আগবাঢ়িছে।

অসমৰ বিভিন্ন প্ৰান্তত এই সম্পৰ্কে আলোচনা চলি আছে। চৰকাৰে এই বিষয়ত বিশেষ পদক্ষেপ গ্ৰহণ কৰিছে আৰু জনসাধাৰণৰ মাজত সজাগতা সৃষ্টিৰ বাবে বিভিন্ন কাৰ্যসূচী হাতত লোৱা হৈছে। সংশ্লিষ্ট বিভাগৰ বিষয়াসকলে জনোৱা মতে কাম দ্ৰুতগতিত আগবাঢ়িছে।

অসমৰ বিভিন্ন প্ৰান্তত এই সম্পৰ্কে আলোচনা চলি আছে। চৰকাৰে এই বিষয়ত বিশেষ পদক্ষেপ গ্ৰহণ কৰিছে আৰু জনসাধাৰণৰ মাজত সজাগতা সৃষ্টিৰ বাবে বিভিন্ন কাৰ্যসূচী হাতত লোৱা হৈছে। সংশ্লিষ্ট বিভাগৰ বিষয়াসকলে জনোৱা মতে কাম দ্ৰুতগতিত আগবাঢ়িছে।

অসমৰ বিভিন্ন প্ৰান্তত এই সম্পৰ্কে আলোচনা চলি আছে। চৰকাৰে এই বিষয়ত বিশেষ পদক্ষেপ গ্ৰহণ কৰিছে আৰু জনসাধাৰণৰ মাজত সজাগতা সৃষ্টিৰ বাবে বিভিন্ন কাৰ্যসূচী হাতত লোৱা হৈছে। সংশ্লিষ্ট বিভাগৰ বিষয়াসকলে জনোৱা মতে কাম দ্ৰুতগতিত আগবাঢ়িছে।

অসমৰ বিভিন্ন প্ৰান্তত এই সম্পৰ্কে আলোচনা চলি আছে। চৰকাৰে এই বিষয়ত বিশেষ পদক্ষেপ গ্ৰহণ কৰিছে আৰু জনসাধাৰণৰ মাজত সজাগতা সৃষ্টিৰ বাবে বিভিন্ন কাৰ্যসূচী হাতত লোৱা হৈছে। সংশ্লিষ্ট বিভাগৰ বিষয়াসকলে জনোৱা মতে কাম দ্ৰুতগতিত আগবাঢ়িছে।

অসমৰ বিভিন্ন প্ৰান্তত এই সম্পৰ্কে আলোচনা চলি আছে। চৰকাৰে এই বিষয়ত বিশেষ পদক্ষেপ গ্ৰহণ কৰিছে আৰু জনসাধাৰণৰ মাজত সজাগতা সৃষ্টিৰ বাবে বিভিন্ন কাৰ্যসূচী হাতত লোৱা হৈছে। সংশ্লিষ্ট বিভাগৰ বিষয়াসকলে জনোৱা মতে কাম দ্ৰুতগতিত আগবাঢ়িছে।

অসমৰ বিভিন্ন প্ৰান্তত এই সম্পৰ্কে আলোচনা চলি আছে। চৰকাৰে এই বিষয়ত বিশেষ পদক্ষেপ গ্ৰহণ কৰিছে আৰু জনসাধাৰণৰ মাজত সজাগতা সৃষ্টিৰ বাবে বিভিন্ন কাৰ্যসূচী হাতত লোৱা হৈছে। সংশ্লিষ্ট বিভাগৰ বিষয়াসকলে জনোৱা মতে কাম দ্ৰুতগতিত আগবাঢ়িছে।

অসমৰ বিভিন্ন প্ৰান্তত এই সম্পৰ্কে আলোচনা চলি আছে। চৰকাৰে এই বিষয়ত বিশেষ পদক্ষেপ গ্ৰহণ কৰিছে আৰু জনসাধাৰণৰ মাজত সজাগতা সৃষ্টিৰ বাবে বিভিন্ন কাৰ্যসূচী হাতত লোৱা হৈছে। সংশ্লিষ্ট বিভাগৰ বিষয়াসকলে জনোৱা মতে কাম দ্ৰুতগতিত আগবাঢ়িছে।

অসমৰ বিভিন্ন প্ৰান্তত এই সম্পৰ্কে আলোচনা চলি আছে। চৰকাৰে এই বিষয়ত বিশেষ পদক্ষেপ গ্ৰহণ কৰিছে আৰু জনসাধাৰণৰ মাজত সজাগতা সৃষ্টিৰ বাবে বিভিন্ন কাৰ্যসূচী হাতত লোৱা হৈছে। সংশ্লিষ্ট বিভাগৰ বিষয়াসকলে জনোৱা মতে কাম দ্ৰুতগতিত আগবাঢ়িছে।

অসমৰ বিভিন্ন প্ৰান্তত এই সম্পৰ্কে আলোচনা চলি আছে। চৰকাৰে এই বিষয়ত বিশেষ পদক্ষেপ গ্ৰহণ কৰিছে আৰু জনসাধাৰণৰ মাজত সজাগতা সৃষ্টিৰ বাবে বিভিন্ন কাৰ্যসূচী হাতত লোৱা হৈছে। সংশ্লিষ্ট বিভাগৰ বিষয়াসকলে জনোৱা মতে কাম দ্ৰুতগতিত আগবাঢ়িছে।

জিএমচিয়ে ছীল কৰিলে

অসমৰ বিভিন্ন প্ৰান্তত এই সম্পৰ্কে আলোচনা চলি আছে। চৰকাৰে এই বিষয়ত বিশেষ পদক্ষেপ গ্ৰহণ কৰিছে আৰু জনসাধাৰণৰ মাজত সজাগতা সৃষ্টিৰ বাবে বিভিন্ন কাৰ্যসূচী হাতত লোৱা হৈছে। সংশ্লিষ্ট বিভাগৰ বিষয়াসকলে জনোৱা মতে কাম দ্ৰুতগতিত আগবাঢ়িছে।

অসমৰ বিভিন্ন প্ৰান্তত এই সম্পৰ্কে আলোচনা চলি আছে। চৰকাৰে এই বিষয়ত বিশেষ পদক্ষেপ গ্ৰহণ কৰিছে আৰু জনসাধাৰণৰ মাজত সজাগতা সৃষ্টিৰ বাবে বিভিন্ন কাৰ্যসূচী হাতত লোৱা হৈছে। সংশ্লিষ্ট বিভাগৰ বিষয়াসকলে জনোৱা মতে কাম দ্ৰুতগতিত আগবাঢ়িছে।

অসমৰ বিভিন্ন প্ৰান্তত এই সম্পৰ্কে আলোচনা চলি আছে। চৰকাৰে এই বিষয়ত বিশেষ পদক্ষেপ গ্ৰহণ কৰিছে আৰু জনসাধাৰণৰ মাজত সজাগতা সৃষ্টিৰ বাবে বিভিন্ন কাৰ্যসূচী হাতত লোৱা হৈছে। সংশ্লিষ্ট বিভাগৰ বিষয়াসকলে জনোৱা মতে কাম দ্ৰুতগতিত আগবাঢ়িছে।

অসমৰ বিভিন্ন প্ৰান্তত এই সম্পৰ্কে আলোচনা চলি আছে। চৰকাৰে এই বিষয়ত বিশেষ পদক্ষেপ গ্ৰহণ কৰিছে আৰু জনসাধাৰণৰ মাজত সজাগতা সৃষ্টিৰ বাবে বিভিন্ন কাৰ্যসূচী হাতত লোৱা হৈছে। সংশ্লিষ্ট বিভাগৰ বিষয়াসকলে জনোৱা মতে কাম দ্ৰুতগতিত আগবাঢ়িছে।

অসমৰ বিভিন্ন প্ৰান্তত এই সম্পৰ্কে আলোচনা চলি আছে। চৰকাৰে এই বিষয়ত বিশেষ পদক্ষেপ গ্ৰহণ কৰিছে আৰু জনসাধাৰণৰ মাজত সজাগতা সৃষ্টিৰ বাবে বিভিন্ন কাৰ্যসূচী হাতত লোৱা হৈছে। সংশ্লিষ্ট বিভাগৰ বিষয়াসকলে জনোৱা মতে কাম দ্ৰুতগতিত আগবাঢ়িছে।

অসমৰ বিভিন্ন প্ৰান্তত এই সম্পৰ্কে আলোচনা চলি আছে। চৰকাৰে এই বিষয়ত বিশেষ পদক্ষেপ গ্ৰহণ কৰিছে আৰু জনসাধাৰণৰ মাজত সজাগতা সৃষ্টিৰ বাবে বিভিন্ন কাৰ্যসূচী হাতত লোৱা হৈছে। সংশ্লিষ্ট বিভাগৰ বিষয়াসকলে জনোৱা মতে কাম দ্ৰুতগতিত আগবাঢ়িছে।

অসমৰ বিভিন্ন প্ৰান্তত এই সম্পৰ্কে আলোচনা চলি আছে। চৰকাৰে এই বিষয়ত বিশেষ পদক্ষেপ গ্ৰহণ কৰিছে আৰু জনসাধাৰণৰ মাজত সজাগতা সৃষ্টিৰ বাবে বিভিন্ন কাৰ্যসূচী হাতত লোৱা হৈছে। সংশ্লিষ্ট বিভাগৰ বিষয়াসকলে জনোৱা মতে কাম দ্ৰুতগতিত আগবাঢ়িছে।

অসমৰ বিভিন্ন প্ৰান্তত এই সম্পৰ্কে আলোচনা চলি আছে। চৰকাৰে এই বিষয়ত বিশেষ পদক্ষেপ গ্ৰহণ কৰিছে আৰু জনসাধাৰণৰ মাজত সজাগতা সৃষ্টিৰ বাবে বিভিন্ন কাৰ্যসূচী হাতত লোৱা হৈছে। সংশ্লিষ্ট বিভাগৰ বিষয়াসকলে জনোৱা মতে কাম দ্ৰুতগতিত আগবাঢ়িছে।

অসমৰ বিভিন্ন প্ৰান্তত এই সম্পৰ্কে আলোচনা চলি আছে। চৰকাৰে এই বিষয়ত বিশেষ পদক্ষেপ গ্ৰহণ কৰিছে আৰু জনসাধাৰণৰ মাজত সজাগতা সৃষ্টিৰ বাবে বিভিন্ন কাৰ্যসূচী হাতত লোৱা হৈছে। সংশ্লিষ্ট বিভাগৰ বিষয়াসকলে জনোৱা মতে কাম দ্ৰুতগতিত আগবাঢ়িছে।

মৰিগাঁও জেলৰ পলাতক কয়ী জিয়াউলক অন্ত

অসমৰ বিভিন্ন প্ৰান্তত এই সম্পৰ্কে আলোচনা চলি আছে। চৰকাৰে এই বিষয়ত বিশেষ পদক্ষেপ গ্ৰহণ কৰিছে আৰু জনসাধাৰণৰ মাজত সজাগতা সৃষ্টিৰ বাবে বিভিন্ন কাৰ্যসূচী হাতত লোৱা হৈছে। সংশ্লিষ্ট বিভাগৰ বিষয়াসকলে জনোৱা মতে কাম দ্ৰুতগতিত আগবাঢ়িছে।

অসমৰ বিভিন্ন প্ৰান্তত এই সম্পৰ্কে আলোচনা চলি আছে। চৰকাৰে এই বিষয়ত বিশেষ পদক্ষেপ গ্ৰহণ কৰিছে আৰু জনসাধাৰণৰ মাজত সজাগতা সৃষ্টিৰ বাবে বিভিন্ন কাৰ্যসূচী হাতত লোৱা হৈছে। সংশ্লিষ্ট বিভাগৰ বিষয়াসকলে জনোৱা মতে কাম দ্ৰুতগতিত আগবাঢ়িছে।

অসমৰ বিভিন্ন প্ৰান্তত এই সম্পৰ্কে আলোচনা চলি আছে। চৰকাৰে এই বিষয়ত বিশেষ পদক্ষেপ গ্ৰহণ কৰিছে আৰু জনসাধাৰণৰ মাজত সজাগতা সৃষ্টিৰ বাবে বিভিন্ন কাৰ্যসূচী হাতত লোৱা হৈছে। সংশ্লিষ্ট বিভাগৰ বিষয়াসকলে জনোৱা মতে কাম দ্ৰুতগতিত আগবাঢ়িছে।

অসমৰ বিভিন্ন প্ৰান্তত এই সম্পৰ্কে আলোচনা চলি আছে। চৰকাৰে এই বিষয়ত বিশেষ পদক্ষেপ গ্ৰহণ কৰিছে আৰু জনসাধাৰণৰ মাজত সজাগতা সৃষ্টিৰ বাবে বিভিন্ন কাৰ্যসূচী হাতত লোৱা হৈছে। সংশ্লিষ্ট বিভাগৰ বিষয়াসকলে জনোৱা মতে কাম দ্ৰুতগতিত আগবাঢ়িছে।

অসমৰ বিভিন্ন প্ৰান্তত এই সম্পৰ্কে আলোচনা চলি আছে। চৰকাৰে এই বিষয়ত বিশেষ পদক্ষেপ গ্ৰহণ কৰিছে আৰু জনসাধাৰণৰ মাজত সজাগতা সৃষ্টিৰ বাবে বিভিন্ন কাৰ্যসূচী হাতত লোৱা হৈছে। সংশ্লিষ্ট বিভাগৰ বিষয়াসকলে জনোৱা মতে কাম দ্ৰুতগতিত আগবাঢ়িছে।

অসমৰ বিভিন্ন প্ৰান্তত এই সম্পৰ্কে আলোচনা চলি আছে। চৰকাৰে এই বিষয়ত বিশেষ পদক্ষেপ গ্ৰহণ কৰিছে আৰু জনসাধাৰণৰ মাজত সজাগতা সৃষ্টিৰ বাবে বিভিন্ন কাৰ্যসূচী হাতত লোৱা হৈছে। সংশ্লিষ্ট বিভাগৰ বিষয়াসকলে জনোৱা মতে কাম দ্ৰুতগতিত আগবাঢ়িছে।

প্ৰক্ৰিয়া চলি আছে অংগনবাড়ী কেন্দ্ৰ

অসমৰ বিভিন্ন প্ৰান্তত এই সম্পৰ্কে আলোচনা চলি আছে। চৰকাৰে এই বিষয়ত বিশেষ পদক্ষেপ গ্ৰহণ কৰিছে আৰু জনসাধাৰণৰ মাজত সজাগতা সৃষ্টিৰ বাবে বিভিন্ন কাৰ্যসূচী হাতত লোৱা হৈছে। সংশ্লিষ্ট বিভাগৰ বিষয়াসকলে জনোৱা মতে কাম দ্ৰুতগতিত আগবাঢ়িছে।

অসমৰ বিভিন্ন প্ৰান্তত এই সম্পৰ্কে আলোচনা চলি আছে। চৰকাৰে এই বিষয়ত বিশেষ পদক্ষেপ গ্ৰহণ কৰিছে আৰু জনসাধাৰণৰ মাজত সজাগতা সৃষ্টিৰ বাবে বিভিন্ন কাৰ্যসূচী হাতত লোৱা হৈছে। সংশ্লিষ্ট বিভাগৰ বিষয়াসকলে জনোৱা মতে কাম দ্ৰুতগতিত আগবাঢ়িছে।

অসমৰ বিভিন্ন প্ৰান্তত এই সম্পৰ্কে আলোচনা চলি আছে। চৰকাৰে এই বিষয়ত বিশেষ পদক্ষেপ গ্ৰহণ কৰিছে আৰু জনসাধাৰণৰ মাজত সজাগতা সৃষ্টিৰ বাবে বিভিন্ন কাৰ্যসূচী হাতত লোৱা হৈছে। সংশ্লিষ্ট বিভাগৰ বিষয়াসকলে জনোৱা মতে কাম দ্ৰুতগতিত আগবাঢ়িছে।

অসমৰ বিভিন্ন প্ৰান্তত এই সম্পৰ্কে আলোচনা চলি আছে। চৰকাৰে এই বিষয়ত বিশেষ পদক্ষেপ গ্ৰহণ কৰিছে আৰু জনসাধাৰণৰ মাজত সজাগতা সৃষ্টিৰ বাবে বিভিন্ন কাৰ্যসূচী হাতত লোৱা হৈছে। সংশ্লিষ্ট বিভাগৰ বিষয়াসকলে জনোৱা মতে কাম দ্ৰুতগতিত আগবাঢ়িছে।

ভাৰ্চিকেতৰে পৰাজিত

অসমৰ বিভিন্ন প্ৰান্তত এই সম্পৰ্কে আলোচনা চলি আছে। চৰকাৰে এই বিষয়ত বিশেষ পদক্ষেপ গ্ৰহণ কৰিছে আৰু জনসাধাৰণৰ মাজত সজাগতা সৃষ্টিৰ বাবে বিভিন্ন কাৰ্যসূচী হাতত লোৱা হৈছে। সংশ্লিষ্ট বিভাগৰ বিষয়াসকলে জনোৱা মতে কাম দ্ৰুতগতিত আগবাঢ়িছে।

অসমৰ বিভিন্ন প্ৰান্তত এই সম্পৰ্কে আলোচনা চলি আছে। চৰকাৰে এই বিষয়ত বিশেষ পদক্ষেপ গ্ৰহণ কৰিছে আৰু জনসাধাৰণৰ মাজত সজাগতা সৃষ্টিৰ বাবে বিভিন্ন কাৰ্যসূচী হাতত লোৱা হৈছে। সংশ্লিষ্ট বিভাগৰ বিষয়াসকলে জনোৱা মতে কাম দ্ৰুতগতিত আগবাঢ়িছে।

অসমৰ বিভিন্ন প্ৰান্তত এই সম্পৰ্কে আলোচনা চলি আছে। চৰকাৰে এই বিষয়ত বিশেষ পদক্ষেপ গ্ৰহণ কৰিছে আৰু জনসাধাৰণৰ মাজত সজাগতা সৃষ্টিৰ বাবে বিভিন্ন কাৰ্যসূচী হাতত লোৱা হৈছে। সংশ্লিষ্ট বিভাগৰ বিষয়াসকলে জনোৱা মতে কাম দ্ৰুতগতিত আগবাঢ়িছে।

অসমৰ বিভিন্ন প্ৰান্তত এই সম্পৰ্কে আলোচনা চলি আছে। চৰকাৰে এই বিষয়ত বিশেষ পদক্ষেপ গ্ৰহণ কৰিছে আৰু জনসাধাৰণৰ মাজত সজাগতা সৃষ্টিৰ বাবে বিভিন্ন কাৰ্যসূচী হাতত লোৱা হৈছে। সংশ্লিষ্ট বিভাগৰ বিষয়াসকলে জনোৱা মতে কাম দ্ৰুতগতিত আগবাঢ়িছে।

অসমৰ বিভিন্ন প্ৰান্তত এই সম্পৰ্কে আলোচনা চলি আছে। চৰকাৰে এই বিষয়ত বিশেষ পদক্ষেপ গ্ৰহণ কৰিছে আৰু জনসাধাৰণৰ মাজত সজাগতা সৃষ্টিৰ বাবে বিভিন্ন কাৰ্যসূচী হাতত লোৱা হৈছে। সংশ্লিষ্ট বিভাগৰ বিষয়াসকলে জনোৱা মতে কাম দ্ৰুতগতিত আগবাঢ়িছে।

অসমৰ বিভিন্ন প্ৰান্তত এই সম্পৰ্কে আলোচনা চলি আছে। চৰকাৰে এই বিষয়ত বিশেষ পদক্ষেপ গ্ৰহণ কৰিছে আৰু জনসাধাৰণৰ মাজত সজাগতা সৃষ্টিৰ বাবে বিভিন্ন কাৰ্যসূচী হাতত লোৱা হৈছে। সংশ্লিষ্ট বিভাগৰ বিষয়াসকলে জনোৱা মতে কাম দ্ৰুতগতিত আগবাঢ়িছে।

অসমৰ বিভিন্ন প্ৰান্তত এই সম্পৰ্কে আলোচনা চলি আছে। চৰকাৰে এই বিষয়ত বিশেষ পদক্ষেপ গ্ৰহণ কৰিছে আৰু জনসাধাৰণৰ মাজত সজাগতা সৃষ্টিৰ বাবে বিভিন্ন কাৰ্যসূচী হাতত লোৱা হৈছে। সংশ্লিষ্ট বিভাগৰ বিষয়াসকলে জনোৱা মতে কাম দ্ৰুতগতিত আগবাঢ়িছে।

অসমৰ বিভিন্ন প্ৰান্তত এই সম্পৰ্কে আলোচনা চলি আছে। চৰকাৰে এই বিষয়ত বিশেষ পদক্ষেপ গ্ৰহণ কৰিছে আৰু জনসাধাৰণৰ মাজত সজাগতা সৃষ্টিৰ বাবে বিভিন্ন কাৰ্যসূচী হাতত লোৱা হৈছে। সংশ্লিষ্ট বিভাগৰ বিষয়াসকলে জনোৱা মতে কাম দ্ৰুতগতিত আগবাঢ়িছে।

অসমৰ বিভিন্ন প্ৰান্তত এই সম্পৰ্কে আলোচনা চলি আছে। চৰকাৰে এই বিষয়ত বিশেষ পদক্ষেপ গ্ৰহণ কৰিছে আৰু জনসাধাৰণৰ মাজত সজাগতা সৃষ্টিৰ বাবে বিভিন্ন কাৰ্যসূচী হাতত লোৱা হৈছে। সংশ্লিষ্ট বিভাগৰ বিষয়াসকলে জনোৱা মতে কাম দ্ৰুতগতিত আগবাঢ়িছে।

অসমৰ বিভিন্ন প্ৰান্তত এই সম্পৰ্কে আলোচনা চলি আছে। চৰকাৰে এই বিষয়ত বিশেষ পদক্ষেপ গ্ৰহণ কৰিছে আৰু জনসাধাৰণৰ মাজত সজাগতা সৃষ্টিৰ বাবে বিভিন্ন কাৰ্যসূচী হাতত লোৱা হৈছে। সংশ্লিষ্ট বিভাগৰ বিষয়াসকলে জনোৱা মতে কাম দ্ৰুতগতিত আগবাঢ়িছে।

অসমৰ বিভিন্ন প্ৰান্তত এই সম্পৰ্কে আলোচনা চলি আছে। চৰকাৰে এই বিষয়ত বিশেষ পদক্ষেপ গ্ৰহণ কৰিছে আৰু জনসাধাৰণৰ মাজত সজাগতা সৃষ্টিৰ বাবে বিভিন্ন কাৰ্যসূচী হাতত লোৱা হৈছে। সংশ্লিষ্ট বিভাগৰ বিষয়াসকলে জনোৱা মতে কাম দ্ৰুতগতিত আগবাঢ়িছে।

অসমৰ বিভিন্ন প্ৰান্তত এই সম্পৰ্কে আলোচনা চলি আছে। চৰকাৰে এই বিষয়ত বিশেষ পদক্ষেপ গ্ৰহণ কৰিছে আৰু জনসাধাৰণৰ মাজত সজাগতা সৃষ্টিৰ বাবে বিভিন্ন কাৰ্যসূচী হাতত লোৱা হৈছে। সংশ্লিষ্ট বিভাগৰ বিষয়াসকলে জনোৱা মতে কাম দ্ৰুতগতিত আগবাঢ়িছে।

অসমৰ বিভিন্ন প্ৰান্তত এই সম্পৰ্কে আলোচনা চলি আছে। চৰকাৰে এই বিষয়ত বিশেষ পদক্ষেপ গ্ৰহণ কৰিছে আৰু জনসাধাৰণৰ মাজত সজাগতা সৃষ্টিৰ বাবে বিভিন্ন কাৰ্যসূচী হাতত লোৱা হৈছে। সংশ্লিষ্ট বিভাগৰ বিষয়াসকলে জনোৱা মতে কাম দ্ৰুতগতিত আগবাঢ়িছে।

অসমৰ বিভিন্ন প্ৰান্তত এই সম্পৰ্কে আলোচনা চলি আছে। চৰকাৰে এই বিষয়ত বিশেষ পদক্ষেপ গ্ৰহণ কৰিছে আৰু জনসাধাৰণৰ মাজত সজাগতা সৃষ্টিৰ বাবে বিভিন্ন কাৰ্যসূচী হাতত লোৱা হৈছে। সংশ্লিষ্ট বিভাগৰ বিষয়াসকলে জনোৱা মতে কাম দ্ৰুতগতিত আগবাঢ়িছে।

অসমৰ বিভিন্ন প্ৰান্তত এই সম্পৰ্কে আলোচনা চলি আছে। চৰকাৰে এই বিষয়ত বিশেষ পদক্ষেপ গ্ৰহণ কৰিছে আৰু জনসাধাৰণৰ মাজত সজাগতা সৃষ্টিৰ বাবে বিভিন্ন কাৰ্যসূচী হাতত লোৱা হৈছে। সংশ্লিষ্ট বিভাগৰ বিষয়াসকলে জনোৱা মতে কাম দ্ৰুতগতিত আগবাঢ়িছে।

অসমৰ বিভিন্ন প্ৰান্তত এই সম্পৰ্কে আলোচনা চলি আছে। চৰকাৰে এই বিষয়ত বিশেষ পদক্ষেপ গ্ৰহণ কৰিছে আৰু জনসাধাৰণৰ মাজত সজাগতা সৃষ্টিৰ বাবে বিভিন্ন কাৰ্যসূচী হাতত লোৱা হৈছে। সংশ্লিষ্ট বিভাগৰ বিষয়াসকলে জনোৱা মতে কাম দ্ৰুতগতিত আগবাঢ়িছে।

অসমৰ বিভিন্ন প্ৰান্তত এই সম্পৰ্কে আলোচনা চলি আছে। চৰকাৰে এই বিষয়ত বিশেষ পদক্ষেপ গ্ৰহণ কৰিছে আৰু জনসাধাৰণৰ মাজত সজাগতা সৃষ্টিৰ বাবে বিভিন্ন কাৰ্যসূচী হাতত লোৱা হৈছে। সংশ্লিষ্ট বিভাগৰ বিষয়াসকলে জনোৱা মতে কাম দ্ৰুতগতিত আগবাঢ়িছে।

অসমৰ বিভিন্ন প্ৰান্তত এই সম্পৰ্কে আলোচনা চলি আছে। চৰকাৰে এই বিষয়ত বিশেষ পদক্ষেপ গ্ৰহণ কৰিছে আৰু জনসাধাৰণৰ মাজত সজাগতা সৃষ্টিৰ বাবে বিভিন্ন কাৰ্যসূচী হাতত লোৱা হৈছে। সংশ্লিষ্ট বিভাগৰ বিষয়াসকলে জনোৱা মতে কাম দ্ৰুতগতিত আগবাঢ়িছে।

অসমৰ বিভিন্ন প্ৰান্তত এই সম্পৰ্কে আলোচনা চলি আছে। চৰকাৰে এই বিষয়ত বিশেষ পদক্ষেপ গ্ৰহণ কৰিছে আৰু জনসাধাৰণৰ মাজত সজাগতা সৃষ্টিৰ বাবে বিভিন্ন কাৰ্যসূচী হাতত লোৱা হৈছে। সংশ্লিষ্ট বিভাগৰ বিষয়াসকলে জনোৱা মতে কাম দ্ৰুতগতিত আগবাঢ়িছে।

অসমৰ বিভিন্ন প্ৰান্তত এই সম্পৰ্কে আলোচনা চলি আছে। চৰকাৰে এই বিষয়ত বিশেষ পদক্ষেপ গ্ৰহণ কৰিছে আৰু জনসাধাৰণৰ মাজত সজাগতা সৃষ্টিৰ বাবে বিভিন্ন কাৰ্যসূচী হাতত লোৱা হৈছে। সংশ্লিষ্ট বিভাগৰ বিষয়াসকলে জনোৱা মতে কাম দ্ৰুতগতিত আগবাঢ়িছে।

দেশত বায়ু প্ৰদূষণত

অসমৰ বিভিন্ন প্ৰান্তত এই সম্পৰ্কে আলোচনা চলি আছে। চৰকাৰে এই বিষয়ত বিশেষ পদক্ষেপ গ্ৰহণ কৰিছে আৰু জনসাধাৰণৰ মাজত সজাগতা সৃষ্টিৰ বাবে বিভিন্ন কাৰ্যসূচী হাতত লোৱা হৈছে। সংশ্লিষ্ট বিভাগৰ বিষয়াসকলে জনোৱা মতে কাম দ্ৰুতগতিত আগবাঢ়িছে।

অসমৰ বিভিন্ন প্ৰান্তত এই সম্পৰ্কে আলোচনা চলি আছে। চৰকাৰে এই বিষয়ত বিশেষ পদক্ষেপ গ্ৰহণ কৰিছে আৰু জনসাধাৰণৰ মাজত সজাগতা সৃষ্টিৰ বাবে বিভিন্ন কাৰ্যসূচী হাতত লোৱা হৈছে। সংশ্লিষ্ট বিভাগৰ বিষয়াসকলে জনোৱা মতে কাম দ্ৰুতগতিত আগবাঢ়িছে।

অসমৰ বিভিন্ন প্ৰান্তত এই সম্পৰ্কে আলোচনা চলি আছে। চৰকাৰে এই বিষয়ত বিশেষ পদক্ষেপ গ্ৰহণ কৰিছে আৰু জনসাধাৰণৰ মাজত সজাগতা সৃষ্টিৰ বাবে বিভিন্ন কাৰ্যসূচী হাতত লোৱা হৈছে। সংশ্লিষ্ট বিভাগৰ বিষয়াসকলে জনোৱা মতে কাম দ্ৰুতগতিত আগবাঢ়িছে।

অসমৰ বিভিন্ন প্ৰান্তত এই সম্পৰ্কে আলোচনা চলি আছে। চৰকাৰে এই বিষয়ত বিশেষ পদক্ষেপ গ্ৰহণ কৰিছে আৰু জনসাধাৰণৰ মাজত সজাগতা সৃষ্টিৰ বাবে বিভিন্ন কাৰ্যসূচী হাতত লোৱা হৈছে। সংশ্লিষ্ট বিভাগৰ বিষয়াসকলে জনোৱা মতে কাম দ্ৰুতগতিত আগবাঢ়িছে।

অসমৰ বিভিন্ন প্ৰান্তত এই সম্পৰ্কে আলোচনা চলি আছে। চৰকাৰে এই বিষয়ত বিশেষ পদক্ষেপ গ্ৰহণ কৰিছে আৰু জনসাধাৰণৰ মাজত সজাগতা সৃষ্টিৰ বাবে বিভিন্ন কাৰ্যসূচী হাতত লোৱা হৈছে। সংশ্লিষ্ট বিভাগৰ বিষয়াসকলে জনোৱা মতে কাম দ্ৰুতগতিত আগবাঢ়িছে।

অসমৰ বিভিন্ন প্ৰান্তত এই সম্পৰ্কে আলোচনা চলি আছে। চৰকাৰে এই বিষয়ত বিশেষ পদক্ষেপ গ্ৰহণ কৰিছে আৰু জনসাধাৰণৰ মাজত সজাগতা সৃষ্টিৰ বাবে বিভিন্ন কাৰ্যসূচী হাতত লোৱা হৈছে। সংশ্লিষ্ট বিভাগৰ বিষয়াসকলে জনোৱা মতে কাম দ্ৰুতগতিত আগবাঢ়িছে।

অসমৰ বিভিন্ন প্ৰান্তত এই সম্পৰ্কে আলোচনা চলি আছে। চৰকাৰে এই বিষয়ত বিশেষ পদক্ষেপ গ্ৰহণ কৰিছে আৰু জনসাধাৰণৰ মাজত সজাগতা সৃষ্টিৰ বাবে বিভিন্ন কাৰ্যসূচী হাতত লোৱা হৈছে। সংশ্লিষ্ট বিভাগৰ বিষয়াসকলে জনোৱা মতে কাম দ্ৰুতগতিত আগবাঢ়িছে।

শ্ৰীনগৰত পুনৰ গ্ৰেনেড

অসমৰ বিভিন্ন প্ৰান্তত এই সম্পৰ্কে আলোচনা চলি আছে। চৰকাৰে এই বিষয়ত বিশেষ পদক্ষেপ গ্ৰহণ কৰিছে আৰু জনসাধাৰণৰ মাজত সজাগতা সৃষ্টিৰ বাবে বিভিন্ন কাৰ্যসূচী হাতত লোৱা হৈছে। সংশ্লিষ্ট বিভাগৰ বিষয়াসকলে জনোৱা মতে কাম দ্ৰুতগতিত আগবাঢ়িছে।

অসমৰ বিভিন্ন প্ৰান্তত এই সম্পৰ্কে আলোচনা চলি আছে। চৰকাৰে এই বিষয়ত বিশেষ পদক্ষেপ গ্ৰহণ কৰিছে আৰু জনসাধাৰণৰ মাজত সজাগতা সৃষ্টিৰ বাবে বিভিন্ন কাৰ্যসূচী হাতত লোৱা হৈছে। সংশ্লিষ্ট বিভাগৰ বিষয়াসকলে জনোৱা মতে কাম দ্ৰুতগতিত আগবাঢ়িছে।

অসমৰ বিভিন্ন প্ৰান্তত এই সম্পৰ্কে আলোচনা চলি আছে। চৰকাৰে এই বিষয়ত বিশেষ পদক্ষেপ গ্ৰহণ কৰিছে আৰু জনসাধাৰণৰ মাজত সজাগতা সৃষ্টিৰ বাবে বিভিন্ন কাৰ্যসূচী হাতত লোৱা হৈছে। সংশ্লিষ্ট বিভাগৰ বিষয়াসকলে জনোৱা মতে কাম দ্ৰুতগতিত আগবাঢ়িছে।

অসমৰ বিভিন্ন প্ৰান্তত এই সম্পৰ্কে আলোচনা চলি আছে। চৰকাৰে এই বিষয়ত বিশেষ পদক্ষেপ গ্ৰহণ কৰিছে আৰু জনসাধাৰণৰ মাজত সজাগতা সৃষ্টিৰ বাবে বিভিন্ন কাৰ্যসূচী হাতত লোৱা হৈছে। সংশ্লিষ্ট বিভাগৰ বিষয়াসকলে জনোৱা মতে কাম দ্ৰুতগতিত আগবাঢ়িছে।

অসমৰ বিভিন্ন প্ৰান্তত এই সম্পৰ্কে আলোচনা চলি আছে। চৰকাৰে এই বিষয়ত বিশেষ পদক্ষেপ গ্ৰহণ কৰিছে আৰু জনসাধাৰণৰ মাজত সজাগতা সৃষ্টিৰ বাবে বিভিন্ন কাৰ্যসূচী হাতত লোৱা হৈছে। সংশ্লিষ্ট বিভাগৰ বিষয়াসকলে জনোৱা মতে কাম দ্ৰুতগতিত আগবাঢ়িছে।

অসমৰ বিভিন্ন প্ৰান্তত এই সম্পৰ্কে আলোচনা চলি আছে। চৰকাৰে এই বিষয়ত বিশেষ পদক্ষেপ গ্ৰহণ কৰিছে আৰু জনসাধাৰণৰ মাজত সজাগতা সৃষ্টিৰ বাবে বিভিন্ন কাৰ্যসূচী হাতত লোৱা হৈছে। সংশ্লিষ্ট বিভাগৰ বিষয়াসকলে জনোৱা মতে কাম দ্ৰুতগতিত আগবাঢ়িছে।

অসমৰ বিভিন্ন প্ৰান্তত এই সম্পৰ্কে আলোচনা চলি আছে। চৰকাৰে এই বিষয়ত বিশেষ পদক্ষেপ গ্ৰহণ কৰিছে আৰু জনসাধাৰণৰ মাজত সজাগতা সৃষ্টিৰ বাবে বিভিন্ন কাৰ্যসূচী হাতত লোৱা হৈছে। সংশ্লিষ্ট বিভাগৰ বিষয়াসকলে জনোৱা মতে কাম দ্ৰুতগতিত আগবাঢ়িছে।

অসমৰ বিভিন্ন প্ৰান্তত এই সম্পৰ্কে আলোচনা চলি আছে। চৰকাৰে এই বিষয়ত বিশেষ পদক্ষেপ গ্ৰহণ কৰিছে আৰু জনসাধাৰণৰ মাজত সজাগতা সৃষ্টিৰ বাবে বিভিন্ন কাৰ্যসূচী হাতত লোৱা হৈছে। সংশ্লিষ্ট বিভাগৰ বিষয়াসকলে জনোৱা মতে কাম দ্ৰুতগতিত আগবাঢ়িছে।

অসমৰ বিভিন্ন প্ৰান্তত এই সম্পৰ্কে আলোচনা চলি আছে। চৰকাৰে এই বিষয়ত বিশেষ পদক্ষেপ গ্ৰহণ কৰিছে আৰু জনসাধাৰণৰ মাজত সজাগতা সৃষ্টিৰ বাবে বিভিন্ন কাৰ্যসূচী হাতত লোৱা হৈছে। সংশ্লিষ্ট বিভাগৰ বিষয়াসকলে জনোৱা মতে কাম দ্ৰুতগতিত আগবাঢ়িছে।

অসমৰ বিভিন্ন প্ৰান্তত এই সম্পৰ্কে আলোচনা চলি আছে। চৰকাৰে এই বিষয়ত বিশেষ পদক্ষেপ গ্ৰহণ কৰিছে আৰু জনসাধাৰণৰ মাজত সজাগতা সৃষ্টিৰ বাবে বিভিন্ন কাৰ্যসূচী হাতত লোৱা হৈছে। সংশ্লিষ্ট বিভাগৰ বিষয়াসকলে জনোৱা মতে কাম দ্ৰুতগতিত আগবাঢ়িছে।
